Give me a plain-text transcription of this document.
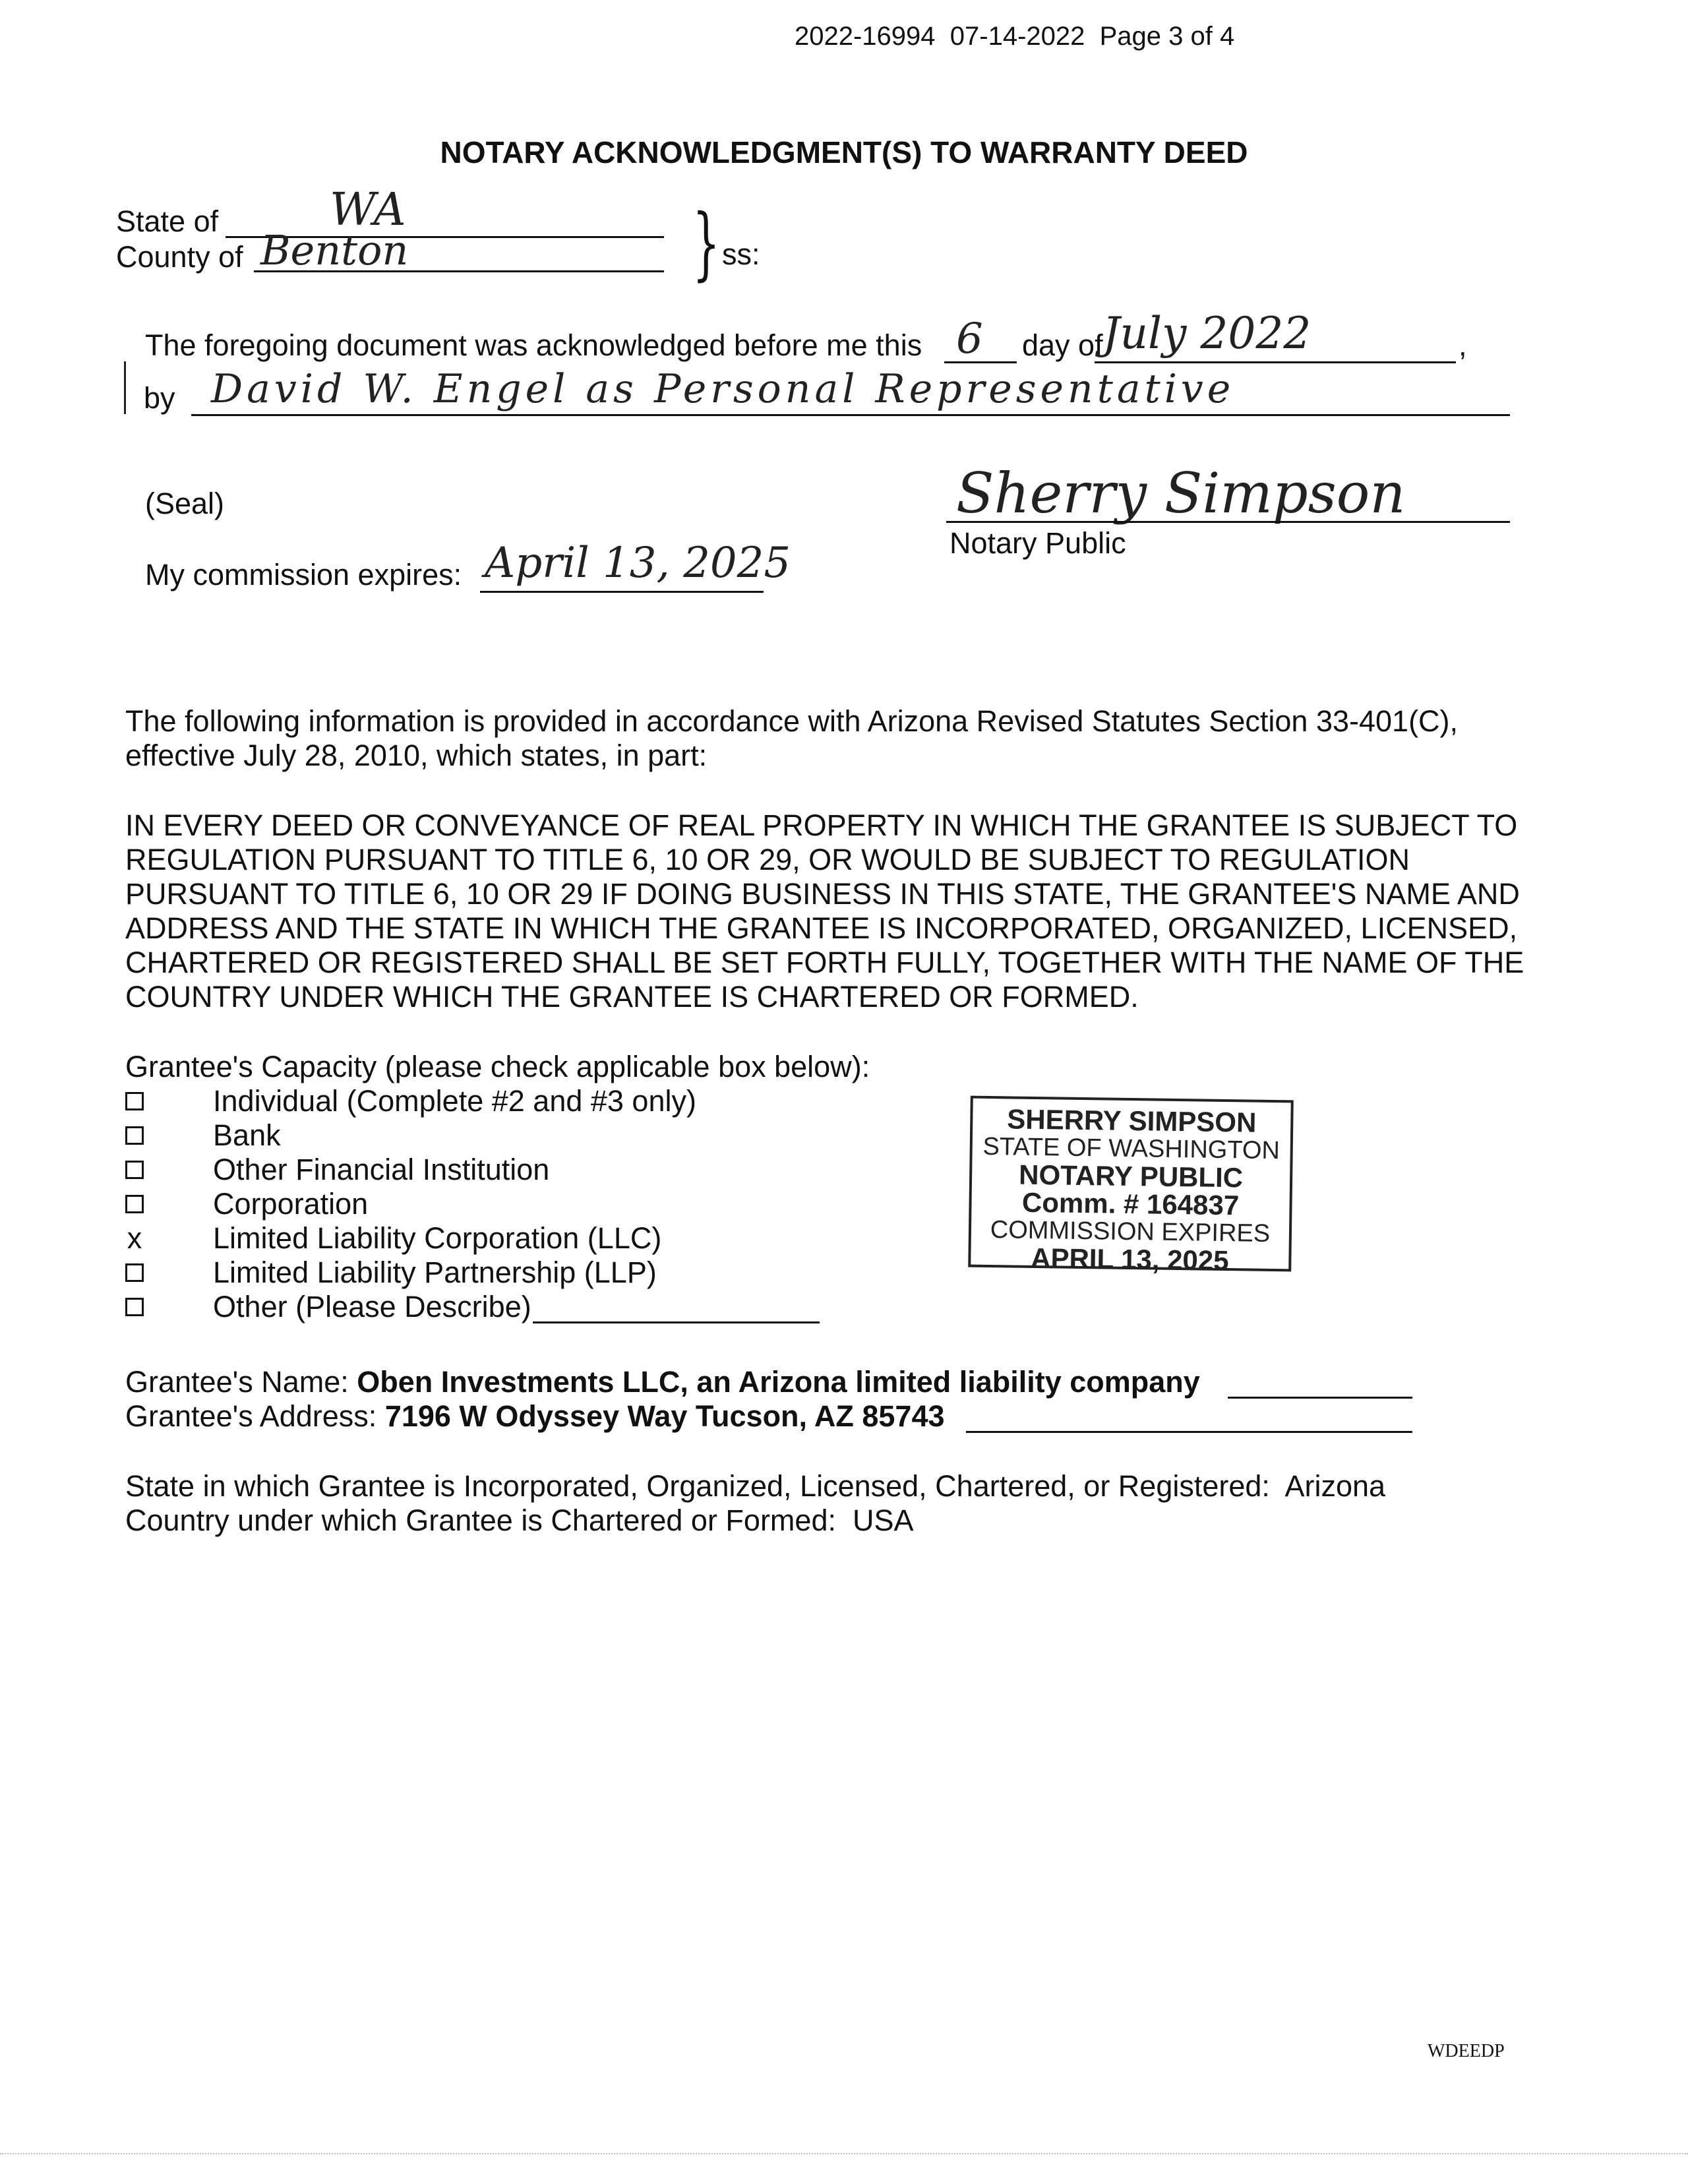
2022-16994  07-14-2022  Page 3 of 4
NOTARY ACKNOWLEDGMENT(S) TO WARRANTY DEED
State of WA
County of Benton	} ss:
The foregoing document was acknowledged before me this 6 day of July 2022	,
by David W. Engel as Personal Representative
(Seal)	Sherry Simpson
Notary Public
My commission expires: April 13, 2025
The following information is provided in accordance with Arizona Revised Statutes Section 33-401(C), effective July 28, 2010, which states, in part:
IN EVERY DEED OR CONVEYANCE OF REAL PROPERTY IN WHICH THE GRANTEE IS SUBJECT TO REGULATION PURSUANT TO TITLE 6, 10 OR 29, OR WOULD BE SUBJECT TO REGULATION PURSUANT TO TITLE 6, 10 OR 29 IF DOING BUSINESS IN THIS STATE, THE GRANTEE'S NAME AND ADDRESS AND THE STATE IN WHICH THE GRANTEE IS INCORPORATED, ORGANIZED, LICENSED, CHARTERED OR REGISTERED SHALL BE SET FORTH FULLY, TOGETHER WITH THE NAME OF THE COUNTRY UNDER WHICH THE GRANTEE IS CHARTERED OR FORMED.
Grantee's Capacity (please check applicable box below):
Individual (Complete #2 and #3 only)
Bank
Other Financial Institution
Corporation
x Limited Liability Corporation (LLC)
Limited Liability Partnership (LLP)
Other (Please Describe)
SHERRY SIMPSON
STATE OF WASHINGTON
NOTARY PUBLIC
Comm. # 164837
COMMISSION EXPIRES
APRIL 13, 2025
Grantee's Name: Oben Investments LLC, an Arizona limited liability company
Grantee's Address: 7196 W Odyssey Way Tucson, AZ 85743
State in which Grantee is Incorporated, Organized, Licensed, Chartered, or Registered:  Arizona
Country under which Grantee is Chartered or Formed:  USA
WDEEDP
